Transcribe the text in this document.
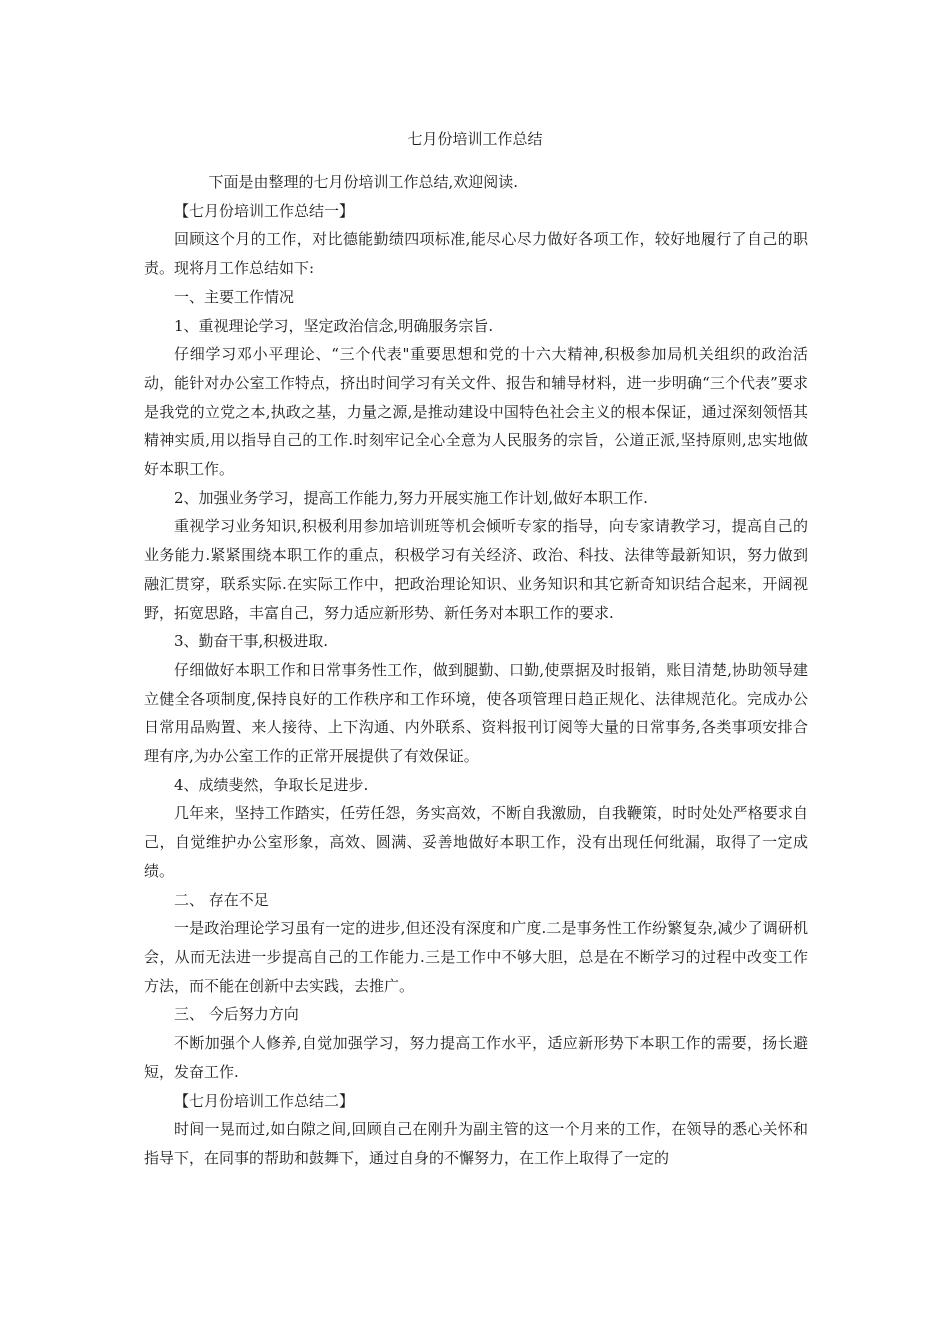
七月份培训工作总结

下面是由整理的七月份培训工作总结,欢迎阅读.

【七月份培训工作总结一】

回顾这个月的工作，对比德能勤绩四项标准,能尽心尽力做好各项工作，较好地履行了自己的职责。现将月工作总结如下:

一、主要工作情况

1、重视理论学习，坚定政治信念,明确服务宗旨.

仔细学习邓小平理论、“三个代表"重要思想和党的十六大精神,积极参加局机关组织的政治活动，能针对办公室工作特点，挤出时间学习有关文件、报告和辅导材料，进一步明确“三个代表”要求是我党的立党之本,执政之基，力量之源,是推动建设中国特色社会主义的根本保证，通过深刻领悟其精神实质,用以指导自己的工作.时刻牢记全心全意为人民服务的宗旨，公道正派,坚持原则,忠实地做好本职工作。

2、加强业务学习，提高工作能力,努力开展实施工作计划,做好本职工作.

重视学习业务知识,积极利用参加培训班等机会倾听专家的指导，向专家请教学习，提高自己的业务能力.紧紧围绕本职工作的重点，积极学习有关经济、政治、科技、法律等最新知识，努力做到融汇贯穿，联系实际.在实际工作中，把政治理论知识、业务知识和其它新奇知识结合起来，开阔视野，拓宽思路，丰富自己，努力适应新形势、新任务对本职工作的要求.

3、勤奋干事,积极进取.

仔细做好本职工作和日常事务性工作，做到腿勤、口勤,使票据及时报销，账目清楚,协助领导建立健全各项制度,保持良好的工作秩序和工作环境，使各项管理日趋正规化、法律规范化。完成办公日常用品购置、来人接待、上下沟通、内外联系、资料报刊订阅等大量的日常事务,各类事项安排合理有序,为办公室工作的正常开展提供了有效保证。

4、成绩斐然，争取长足进步.

几年来，坚持工作踏实，任劳任怨，务实高效，不断自我激励，自我鞭策，时时处处严格要求自己，自觉维护办公室形象，高效、圆满、妥善地做好本职工作，没有出现任何纰漏，取得了一定成绩。

二、 存在不足

一是政治理论学习虽有一定的进步,但还没有深度和广度.二是事务性工作纷繁复杂,减少了调研机会，从而无法进一步提高自己的工作能力.三是工作中不够大胆，总是在不断学习的过程中改变工作方法，而不能在创新中去实践，去推广。

三、 今后努力方向

不断加强个人修养,自觉加强学习，努力提高工作水平，适应新形势下本职工作的需要，扬长避短，发奋工作.

【七月份培训工作总结二】

时间一晃而过,如白隙之间,回顾自己在刚升为副主管的这一个月来的工作，在领导的悉心关怀和指导下，在同事的帮助和鼓舞下，通过自身的不懈努力，在工作上取得了一定的
